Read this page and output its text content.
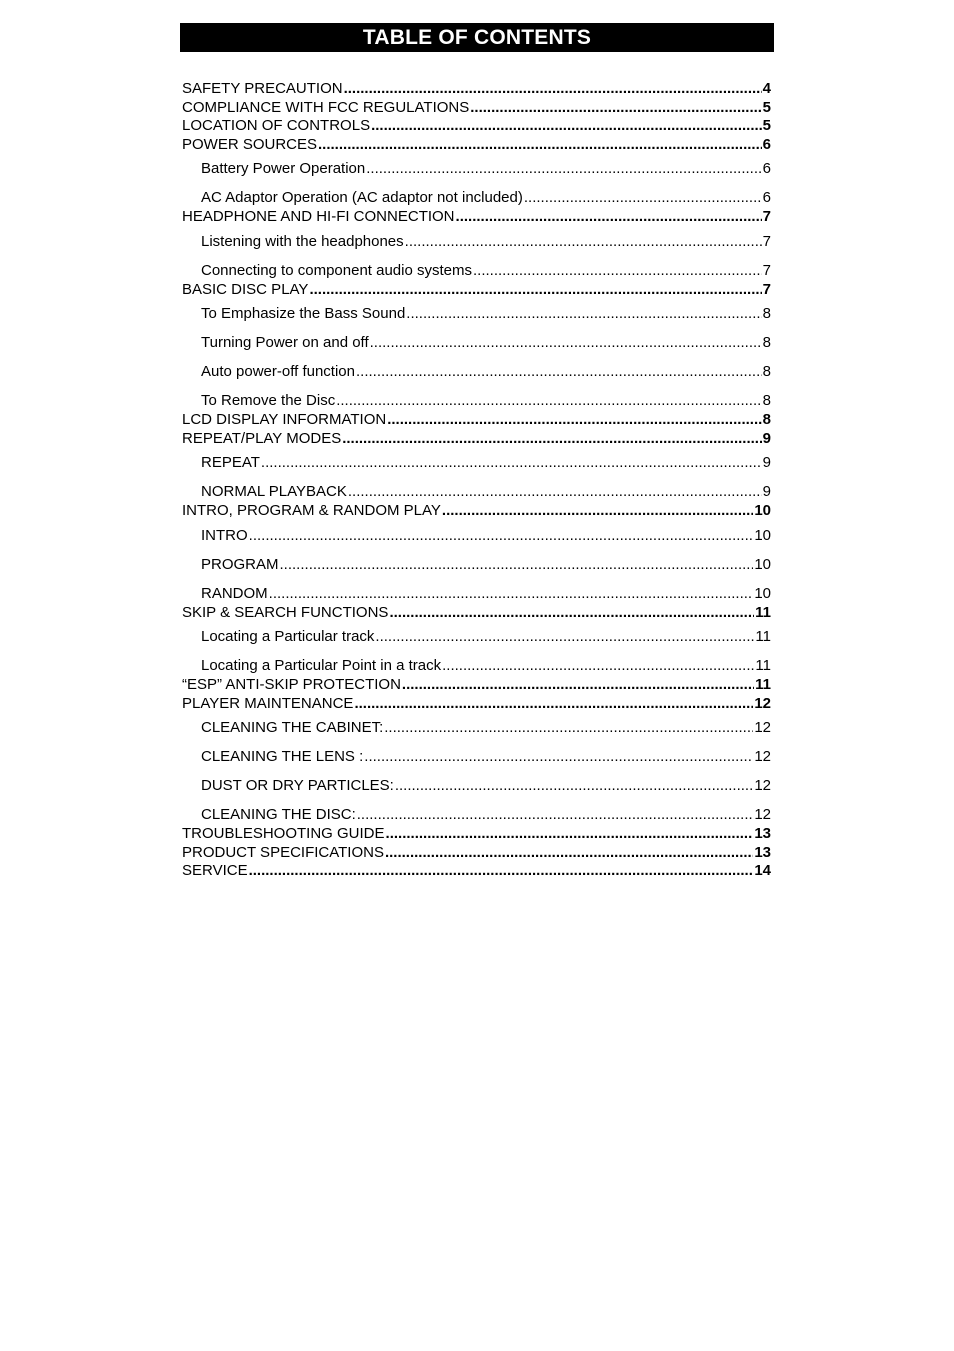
TABLE OF CONTENTS
SAFETY PRECAUTION .....	4
COMPLIANCE WITH FCC REGULATIONS .....	5
LOCATION OF CONTROLS .....	5
POWER SOURCES .....	6
Battery Power Operation .....	6
AC Adaptor Operation (AC adaptor not included) .....	6
HEADPHONE AND HI-FI CONNECTION .....	7
Listening with the headphones .....	7
Connecting to component audio systems .....	7
BASIC DISC PLAY .....	7
To Emphasize the Bass Sound .....	8
Turning Power on and off .....	8
Auto power-off function .....	8
To Remove the Disc .....	8
LCD DISPLAY INFORMATION .....	8
REPEAT/PLAY MODES .....	9
REPEAT .....	9
NORMAL PLAYBACK .....	9
INTRO, PROGRAM & RANDOM PLAY .....	10
INTRO .....	10
PROGRAM .....	10
RANDOM .....	10
SKIP & SEARCH FUNCTIONS .....	11
Locating a Particular track .....	11
Locating a Particular Point in a track .....	11
“ESP” ANTI-SKIP PROTECTION .....	11
PLAYER MAINTENANCE .....	12
CLEANING THE CABINET: .....	12
CLEANING THE LENS : .....	12
DUST OR DRY PARTICLES: .....	12
CLEANING THE DISC: .....	12
TROUBLESHOOTING GUIDE .....	13
PRODUCT SPECIFICATIONS .....	13
SERVICE .....	14
